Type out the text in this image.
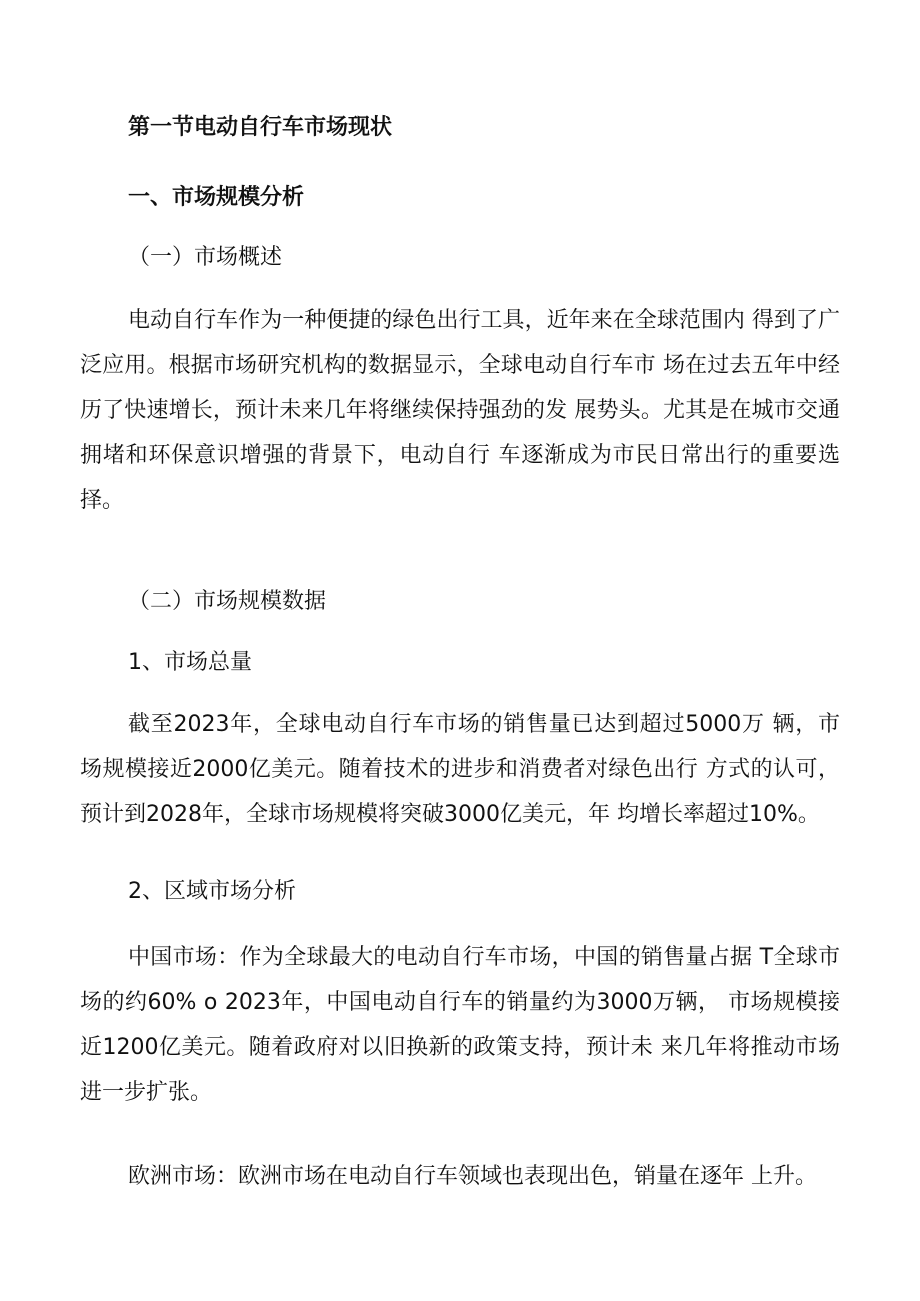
第一节电动自行车市场现状
一、市场规模分析
（一）市场概述
电动自行车作为一种便捷的绿色出行工具，近年来在全球范围内 得到了广泛应用。根据市场研究机构的数据显示，全球电动自行车市 场在过去五年中经历了快速增长，预计未来几年将继续保持强劲的发 展势头。尤其是在城市交通拥堵和环保意识增强的背景下，电动自行 车逐渐成为市民日常出行的重要选择。
（二）市场规模数据
1、市场总量
截至2023年，全球电动自行车市场的销售量已达到超过5000万 辆，市场规模接近2000亿美元。随着技术的进步和消费者对绿色出行 方式的认可，预计到2028年，全球市场规模将突破3000亿美元，年 均增长率超过10%。
2、区域市场分析
中国市场：作为全球最大的电动自行车市场，中国的销售量占据 T全球市场的约60% o 2023年，中国电动自行车的销量约为3000万辆， 市场规模接近1200亿美元。随着政府对以旧换新的政策支持，预计未 来几年将推动市场进一步扩张。
欧洲市场：欧洲市场在电动自行车领域也表现出色，销量在逐年 上升。
